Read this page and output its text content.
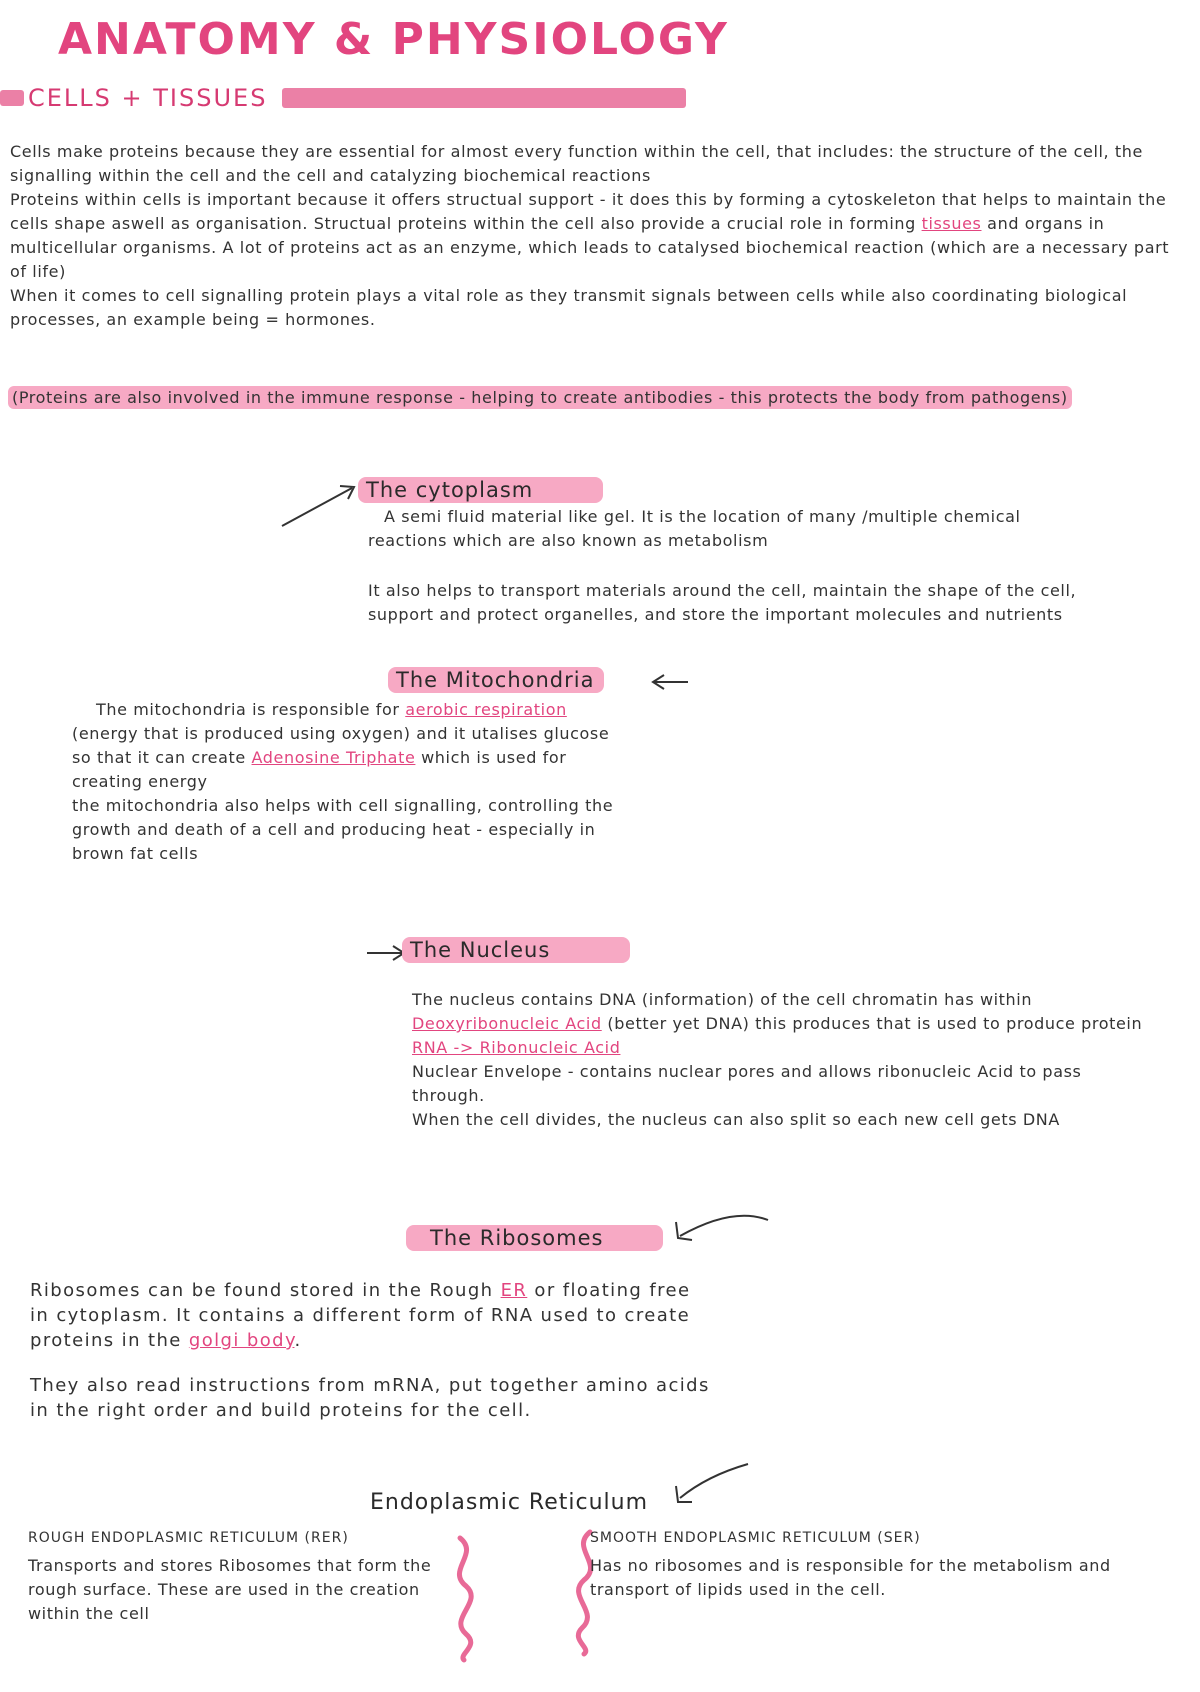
ANATOMY & PHYSIOLOGY
CELLS + TISSUES

Cells make proteins because they are essential for almost every function within the cell, that includes: the structure of the cell, the signalling within the cell and the cell and catalyzing biochemical reactions

Proteins within cells is important because it offers structual support - it does this by forming a cytoskeleton that helps to maintain the cells shape aswell as organisation. Structual proteins within the cell also provide a crucial role in forming tissues and organs in multicellular organisms. A lot of proteins act as an enzyme, which leads to catalysed biochemical reaction (which are a necessary part of life)

When it comes to cell signalling protein plays a vital role as they transmit signals between cells while also coordinating biological processes, an example being = hormones.

(Proteins are also involved in the immune response - helping to create antibodies - this protects the body from pathogens)
The cytoplasm

A semi fluid material like gel. It is the location of many /multiple chemical reactions which are also known as metabolism

It also helps to transport materials around the cell, maintain the shape of the cell, support and protect organelles, and store the important molecules and nutrients

The Mitochondria

The mitochondria is responsible for aerobic respiration (energy that is produced using oxygen) and it utalises glucose so that it can create Adenosine Triphate which is used for creating energy

the mitochondria also helps with cell signalling, controlling the growth and death of a cell and producing heat - especially in brown fat cells

The Nucleus

The nucleus contains DNA (information) of the cell chromatin has within Deoxyribonucleic Acid (better yet DNA) this produces that is used to produce protein RNA -> Ribonucleic Acid

Nuclear Envelope - contains nuclear pores and allows ribonucleic Acid to pass through.

When the cell divides, the nucleus can also split so each new cell gets DNA

The Ribosomes

Ribosomes can be found stored in the Rough ER or floating free in cytoplasm. It contains a different form of RNA used to create proteins in the golgi body.

They also read instructions from mRNA, put together amino acids in the right order and build proteins for the cell.

Endoplasmic Reticulum
ROUGH ENDOPLASMIC RETICULUM (RER)

Transports and stores Ribosomes that form the rough surface. These are used in the creation within the cell

SMOOTH ENDOPLASMIC RETICULUM (SER)

Has no ribosomes and is responsible for the metabolism and transport of lipids used in the cell.
